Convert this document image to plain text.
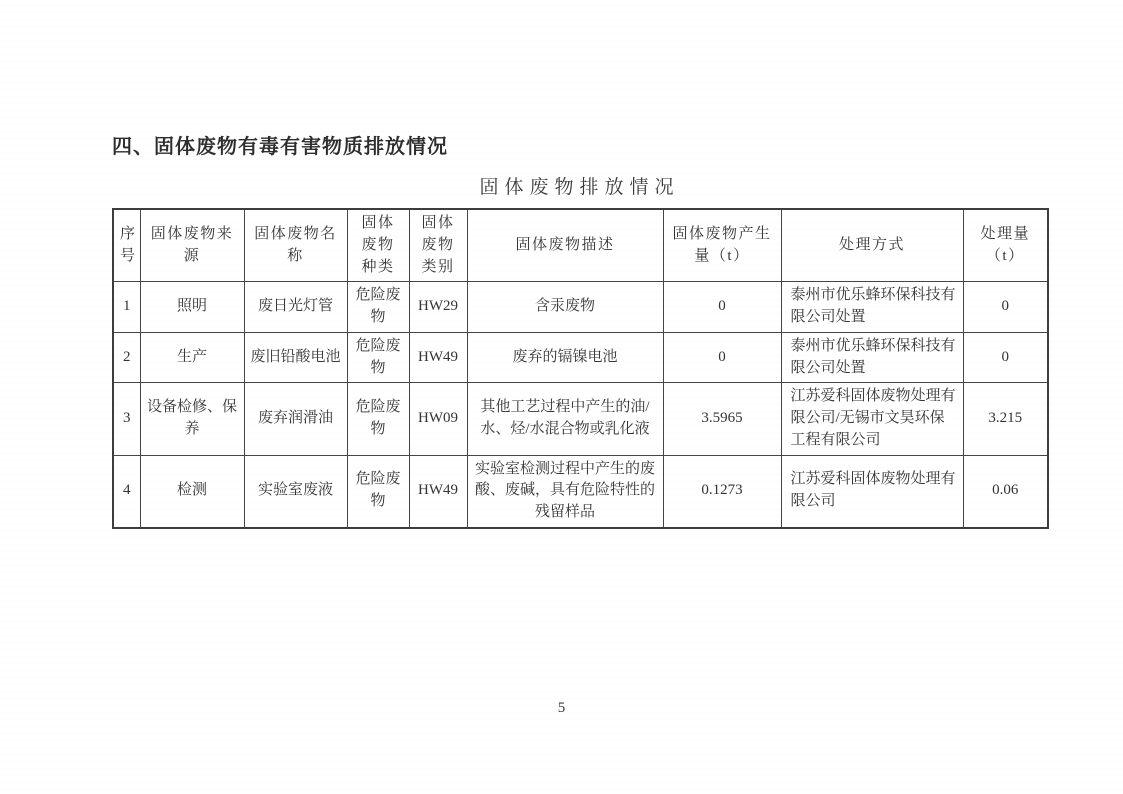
四、固体废物有毒有害物质排放情况
固体废物排放情况
序号	固体废物来源	固体废物名称	固体废物种类	固体废物类别	固体废物描述	固体废物产生量（t）	处理方式	处理量（t）
1	照明	废日光灯管	危险废物	HW29	含汞废物	0	泰州市优乐蜂环保科技有限公司处置	0
2	生产	废旧铅酸电池	危险废物	HW49	废弃的镉镍电池	0	泰州市优乐蜂环保科技有限公司处置	0
3	设备检修、保养	废弃润滑油	危险废物	HW09	其他工艺过程中产生的油/水、烃/水混合物或乳化液	3.5965	江苏爱科固体废物处理有限公司/无锡市文昊环保工程有限公司	3.215
4	检测	实验室废液	危险废物	HW49	实验室检测过程中产生的废酸、废碱，具有危险特性的残留样品	0.1273	江苏爱科固体废物处理有限公司	0.06
5
